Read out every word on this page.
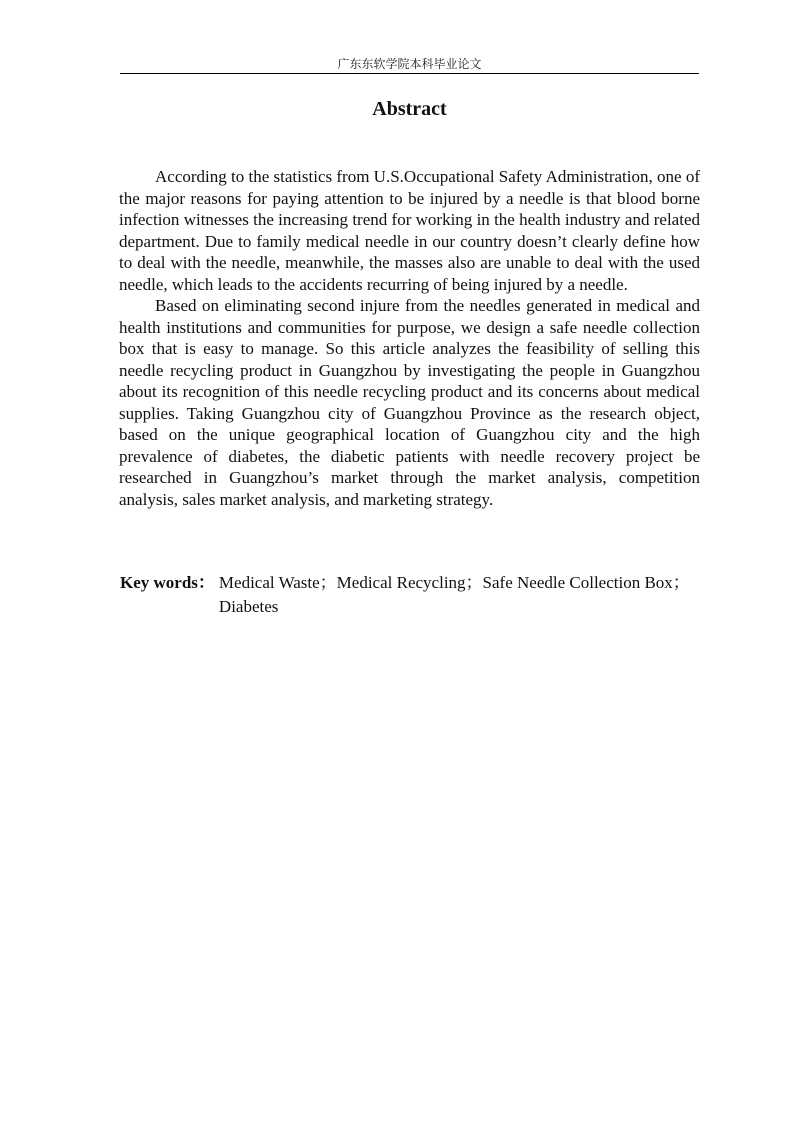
广东东软学院本科毕业论文
Abstract

According to the statistics from U.S.Occupational Safety Administration, one of the major reasons for paying attention to be injured by a needle is that blood borne infection witnesses the increasing trend for working in the health industry and related department. Due to family medical needle in our country doesn’t clearly define how to deal with the needle, meanwhile, the masses also are unable to deal with the used needle, which leads to the accidents recurring of being injured by a needle.

Based on eliminating second injure from the needles generated in medical and health institutions and communities for purpose, we design a safe needle collection box that is easy to manage. So this article analyzes the feasibility of selling this needle recycling product in Guangzhou by investigating the people in Guangzhou about its recognition of this needle recycling product and its concerns about medical supplies. Taking Guangzhou city of Guangzhou Province as the research object, based on the unique geographical location of Guangzhou city and the high prevalence of diabetes, the diabetic patients with needle recovery project be researched in Guangzhou’s market through the market analysis, competition analysis, sales market analysis, and marketing strategy.

Key words： Medical Waste；Medical Recycling；Safe Needle Collection Box；Diabetes
